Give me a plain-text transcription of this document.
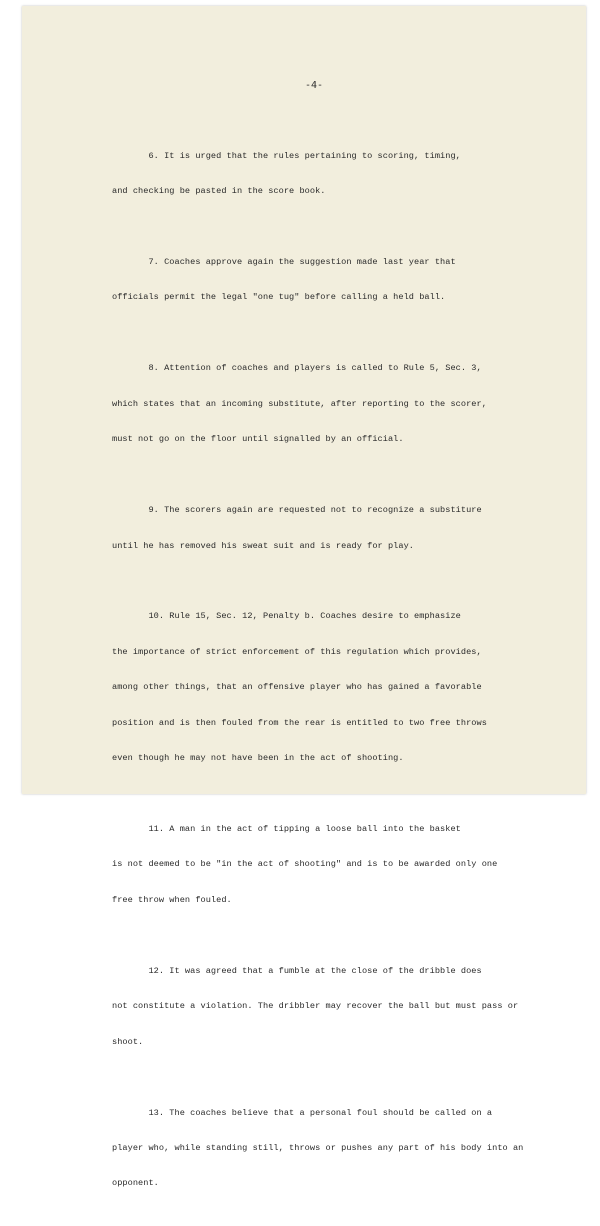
-4-

6. It is urged that the rules pertaining to scoring, timing,

and checking be pasted in the score book.

7. Coaches approve again the suggestion made last year that

officials permit the legal "one tug" before calling a held ball.

8. Attention of coaches and players is called to Rule 5, Sec. 3,

which states that an incoming substitute, after reporting to the scorer,

must not go on the floor until signalled by an official.

9. The scorers again are requested not to recognize a substiture

until he has removed his sweat suit and is ready for play.

10. Rule 15, Sec. 12, Penalty b. Coaches desire to emphasize

the importance of strict enforcement of this regulation which provides,

among other things, that an offensive player who has gained a favorable

position and is then fouled from the rear is entitled to two free throws

even though he may not have been in the act of shooting.

11. A man in the act of tipping a loose ball into the basket

is not deemed to be "in the act of shooting" and is to be awarded only one

free throw when fouled.

12. It was agreed that a fumble at the close of the dribble does

not constitute a violation. The dribbler may recover the ball but must pass or

shoot.

13. The coaches believe that a personal foul should be called on a

player who, while standing still, throws or pushes any part of his body into an

opponent.
